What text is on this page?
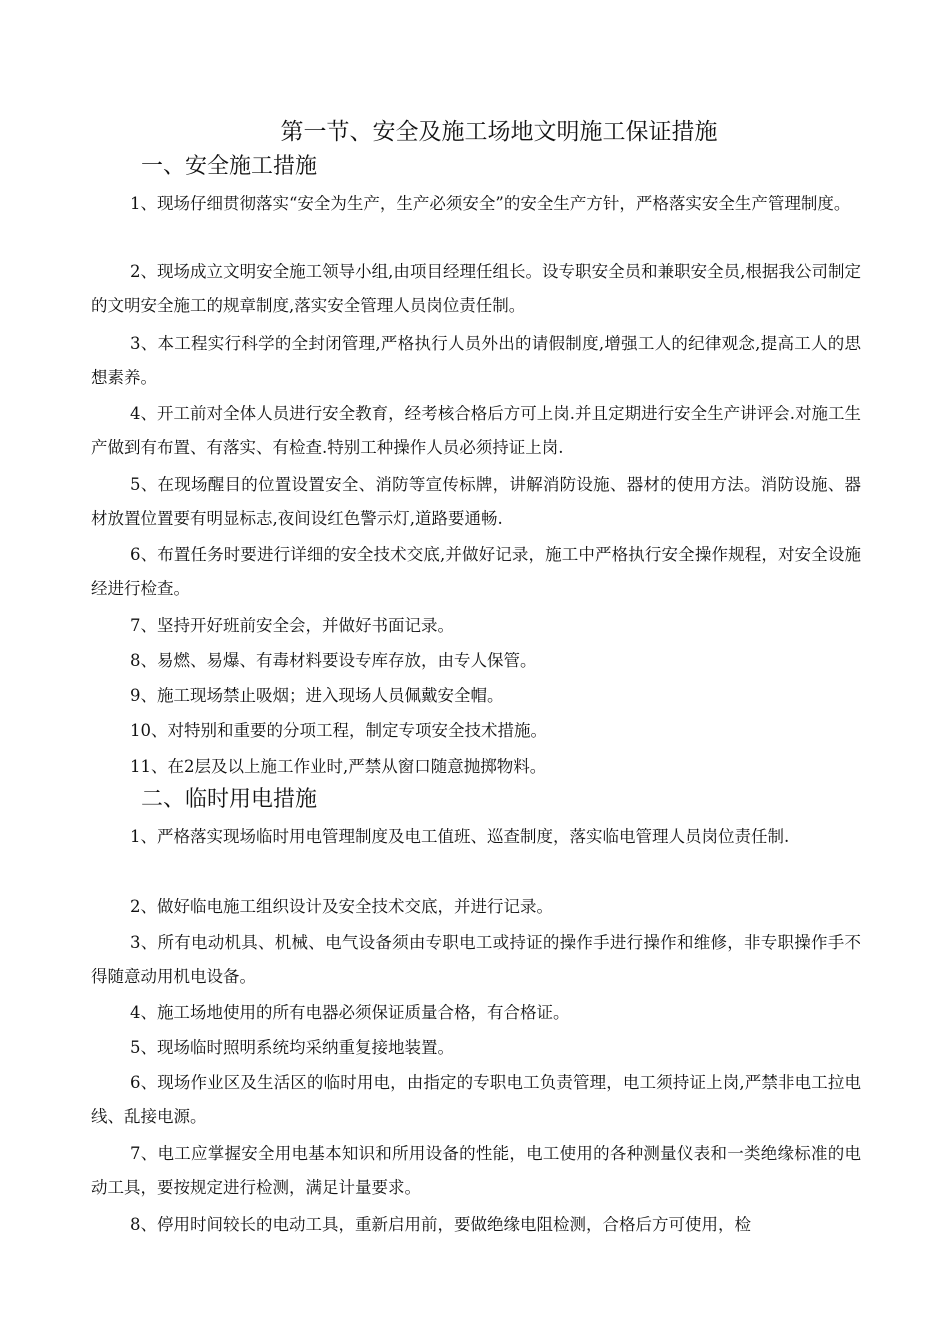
第一节、安全及施工场地文明施工保证措施
一、安全施工措施

1、现场仔细贯彻落实“安全为生产，生产必须安全”的安全生产方针，严格落实安全生产管理制度。

2、现场成立文明安全施工领导小组,由项目经理任组长。设专职安全员和兼职安全员,根据我公司制定的文明安全施工的规章制度,落实安全管理人员岗位责任制。

3、本工程实行科学的全封闭管理,严格执行人员外出的请假制度,增强工人的纪律观念,提高工人的思想素养。

4、开工前对全体人员进行安全教育，经考核合格后方可上岗.并且定期进行安全生产讲评会.对施工生产做到有布置、有落实、有检查.特别工种操作人员必须持证上岗.

5、在现场醒目的位置设置安全、消防等宣传标牌，讲解消防设施、器材的使用方法。消防设施、器材放置位置要有明显标志,夜间设红色警示灯,道路要通畅.

6、布置任务时要进行详细的安全技术交底,并做好记录，施工中严格执行安全操作规程，对安全设施经进行检查。

7、坚持开好班前安全会，并做好书面记录。

8、易燃、易爆、有毒材料要设专库存放，由专人保管。

9、施工现场禁止吸烟；进入现场人员佩戴安全帽。

10、对特别和重要的分项工程，制定专项安全技术措施。

11、在2层及以上施工作业时,严禁从窗口随意抛掷物料。

二、临时用电措施

1、严格落实现场临时用电管理制度及电工值班、巡查制度，落实临电管理人员岗位责任制.

2、做好临电施工组织设计及安全技术交底，并进行记录。

3、所有电动机具、机械、电气设备须由专职电工或持证的操作手进行操作和维修，非专职操作手不得随意动用机电设备。

4、施工场地使用的所有电器必须保证质量合格，有合格证。

5、现场临时照明系统均采纳重复接地装置。

6、现场作业区及生活区的临时用电，由指定的专职电工负责管理，电工须持证上岗,严禁非电工拉电线、乱接电源。

7、电工应掌握安全用电基本知识和所用设备的性能，电工使用的各种测量仪表和一类绝缘标准的电动工具，要按规定进行检测，满足计量要求。

8、停用时间较长的电动工具，重新启用前，要做绝缘电阻检测，合格后方可使用，检
